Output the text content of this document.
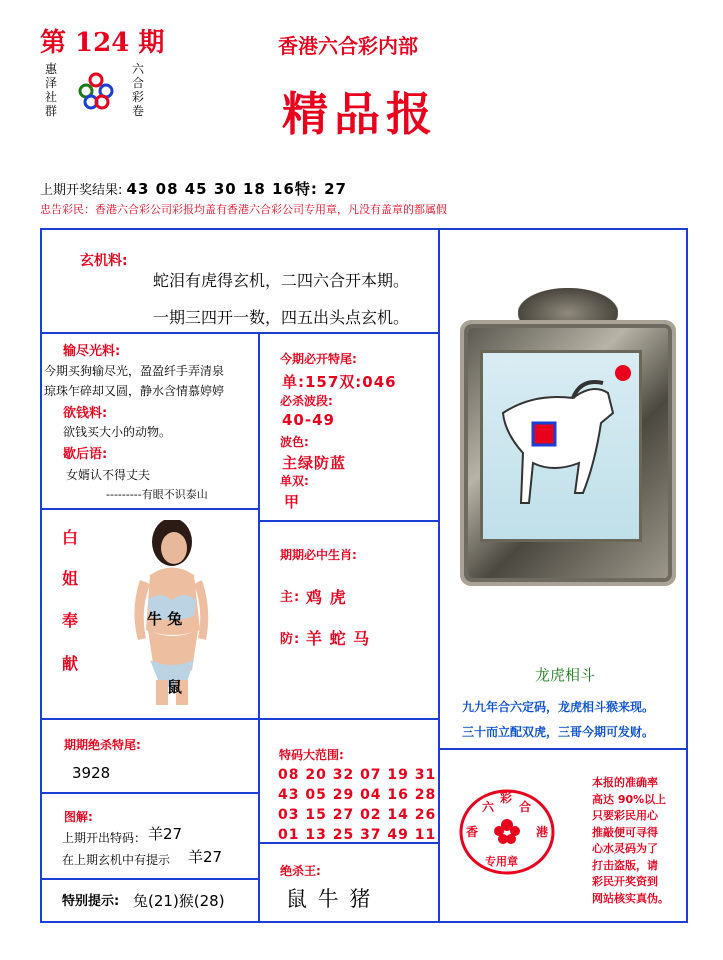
第 124 期
惠
泽
社
群
六
合
彩
卷
香港六合彩内部
精品报
上期开奖结果: 43 08 45 30 18 16特: 27
忠告彩民：香港六合彩公司彩报均盖有香港六合彩公司专用章，凡没有盖章的都属假
玄机料:
蛇泪有虎得玄机，二四六合开本期。
一期三四开一数，四五出头点玄机。
输尽光料:
今期买狗输尽光，盈盈纤手弄清泉
琼珠乍碎却又圆，静水含情慕婷婷
欲钱料:
欲钱买大小的动物。
歇后语:
女婿认不得丈夫
---------有眼不识泰山
今期必开特尾:
单:157双:046
必杀波段:
40-49
波色:
主绿防蓝
单双:
甲
期期必中生肖:
主: 鸡 虎
防: 羊 蛇 马
白
姐
奉
献
牛 兔
鼠
龙虎相斗
九九年合六定码，龙虎相斗猴来现。
三十而立配双虎，三哥今期可发财。
期期绝杀特尾:
3928
特码大范围:
08 20 32 07 19 31
43 05 29 04 16 28
03 15 27 02 14 26
01 13 25 37 49 11
图解:
上期开出特码： 羊27
在上期玄机中有提示 羊27
特别提示: 兔(21)猴(28)
绝杀王:
鼠 牛 猪
六
彩
合
香	港
专用章
本报的准确率
高达 90%以上
只要彩民用心
推敲便可寻得
心水灵码为了
打击盗版，请
彩民开奖资到
网站核实真伪。
